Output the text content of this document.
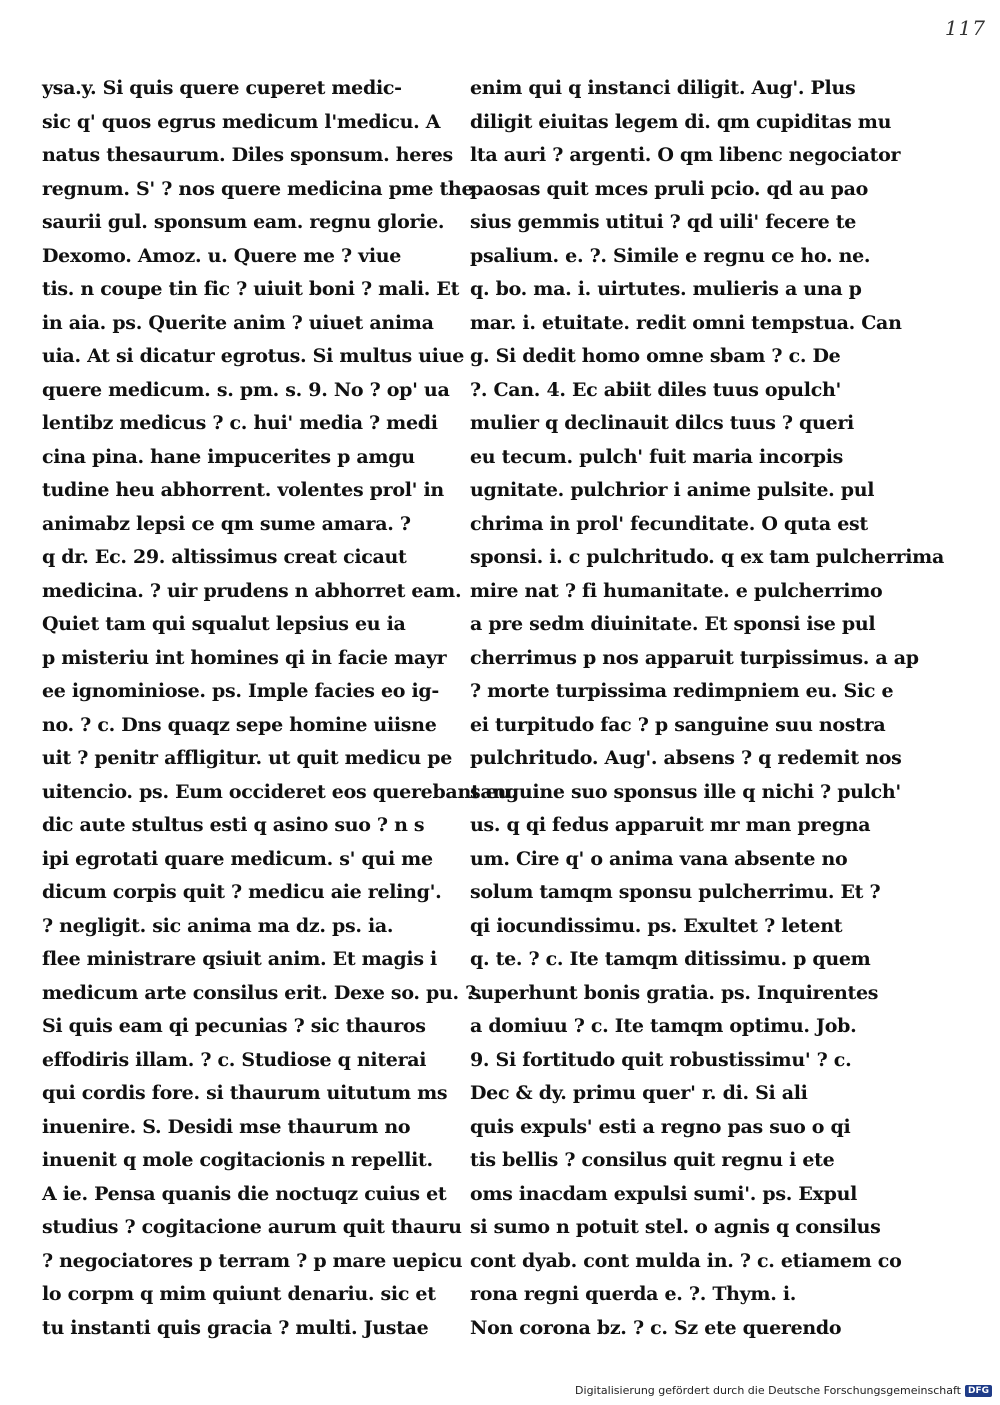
117
ysa.y. Si quis quere cuperet medic-
sic q' quos egrus medicum l'medicu. A
natus thesaurum. Diles sponsum. heres
regnum. S' ? nos quere medicina pme the
saurii gul. sponsum eam. regnu glorie.
Dexomo. Amoz. u. Quere me ? viue
tis. n coupe tin fic ? uiuit boni ? mali. Et
in aia. ps. Querite anim ? uiuet anima
uia. At si dicatur egrotus. Si multus uiue
quere medicum. s. pm. s. 9. No ? op' ua
lentibz medicus ? c. hui' media ? medi
cina pina. hane impucerites p amgu
tudine heu abhorrent. volentes prol' in
animabz lepsi ce qm sume amara. ?
q dr. Ec. 29. altissimus creat cicaut
medicina. ? uir prudens n abhorret eam.
Quiet tam qui squalut lepsius eu ia
p misteriu int homines qi in facie mayr
ee ignominiose. ps. Imple facies eo ig-
no. ? c. Dns quaqz sepe homine uiisne
uit ? penitr affligitur. ut quit medicu pe
uitencio. ps. Eum occideret eos querebant eu.
dic aute stultus esti q asino suo ? n s
ipi egrotati quare medicum. s' qui me
dicum corpis quit ? medicu aie reling'.
? negligit. sic anima ma dz. ps. ia.
flee ministrare qsiuit anim. Et magis i
medicum arte consilus erit. Dexe so. pu. ?.
Si quis eam qi pecunias ? sic thauros
effodiris illam. ? c. Studiose q niterai
qui cordis fore. si thaurum uitutum ms
inuenire. S. Desidi mse thaurum no
inuenit q mole cogitacionis n repellit.
A ie. Pensa quanis die noctuqz cuius et
studius ? cogitacione aurum quit thauru
? negociatores p terram ? p mare uepicu
lo corpm q mim quiunt denariu. sic et
tu instanti quis gracia ? multi. Justae
enim qui q instanci diligit. Aug'. Plus
diligit eiuitas legem di. qm cupiditas mu
lta auri ? argenti. O qm libenc negociator
paosas quit mces pruli pcio. qd au pao
sius gemmis utitui ? qd uili' fecere te
psalium. e. ?. Simile e regnu ce ho. ne.
q. bo. ma. i. uirtutes. mulieris a una p
mar. i. etuitate. redit omni tempstua. Can
g. Si dedit homo omne sbam ? c. De
?. Can. 4. Ec abiit diles tuus opulch'
mulier q declinauit dilcs tuus ? queri
eu tecum. pulch' fuit maria incorpis
ugnitate. pulchrior i anime pulsite. pul
chrima in prol' fecunditate. O quta est
sponsi. i. c pulchritudo. q ex tam pulcherrima
mire nat ? fi humanitate. e pulcherrimo
a pre sedm diuinitate. Et sponsi ise pul
cherrimus p nos apparuit turpissimus. a ap
? morte turpissima redimpniem eu. Sic e
ei turpitudo fac ? p sanguine suu nostra
pulchritudo. Aug'. absens ? q redemit nos
sanguine suo sponsus ille q nichi ? pulch'
us. q qi fedus apparuit mr man pregna
um. Cire q' o anima vana absente no
solum tamqm sponsu pulcherrimu. Et ?
qi iocundissimu. ps. Exultet ? letent
q. te. ? c. Ite tamqm ditissimu. p quem
superhunt bonis gratia. ps. Inquirentes
a domiuu ? c. Ite tamqm optimu. Job.
9. Si fortitudo quit robustissimu' ? c.
Dec & dy. primu quer' r. di. Si ali
quis expuls' esti a regno pas suo o qi
tis bellis ? consilus quit regnu i ete
oms inacdam expulsi sumi'. ps. Expul
si sumo n potuit stel. o agnis q consilus
cont dyab. cont mulda in. ? c. etiamem co
rona regni querda e. ?. Thym. i.
Non corona bz. ? c. Sz ete querendo
Digitalisierung gefördert durch die Deutsche Forschungsgemeinschaft DFG
